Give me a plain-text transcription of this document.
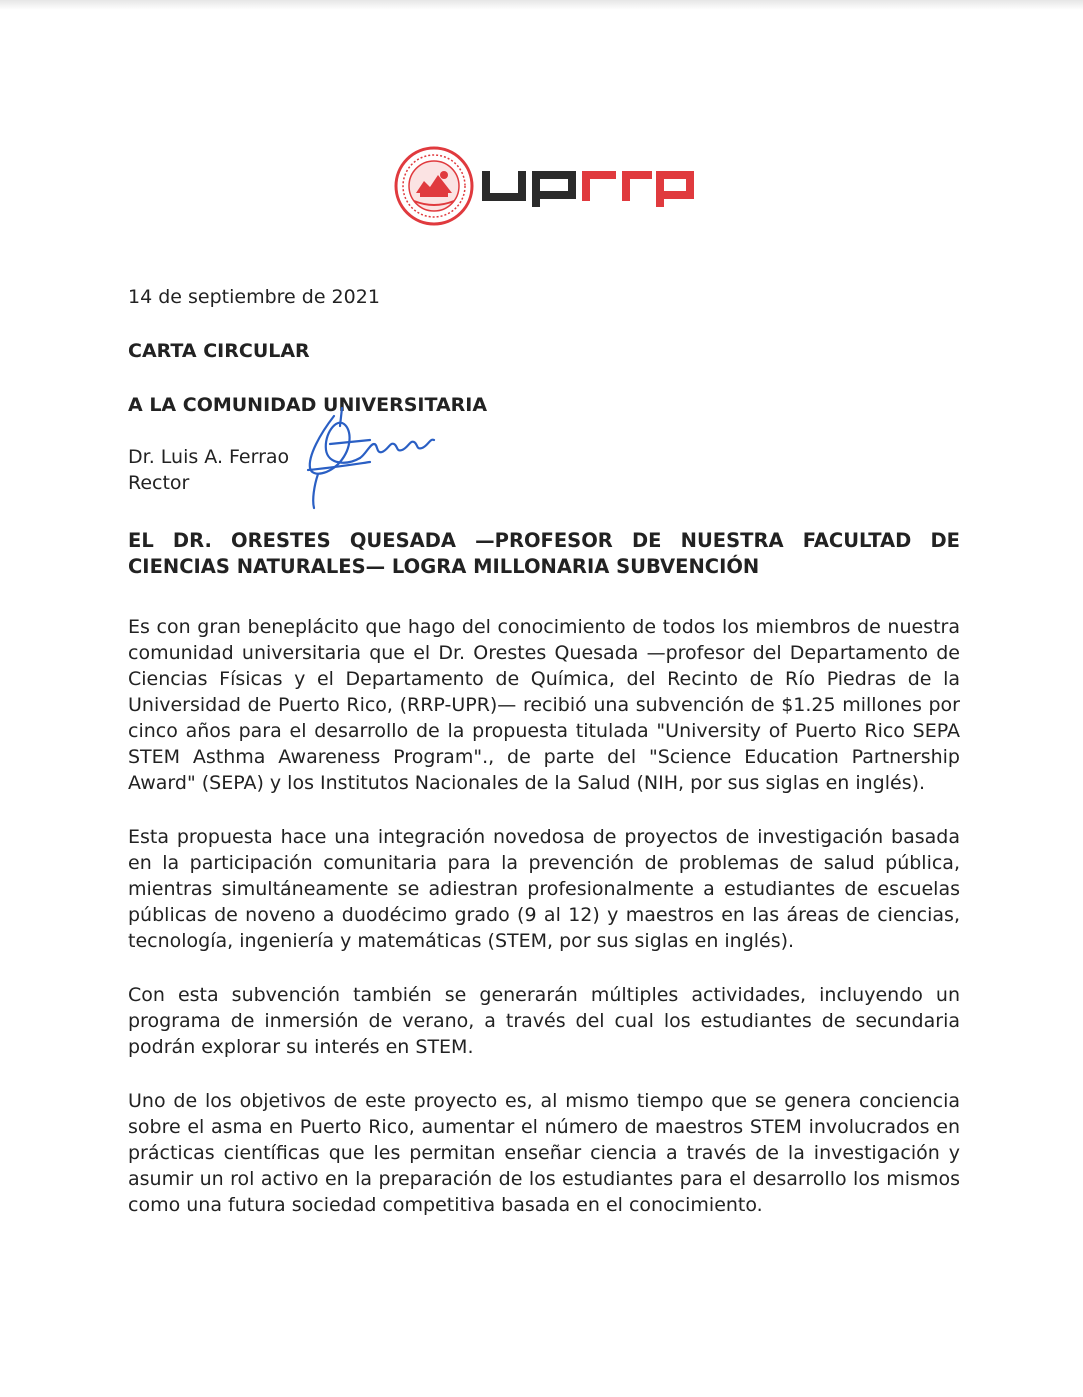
14 de septiembre de 2021

CARTA CIRCULAR

A LA COMUNIDAD UNIVERSITARIA

Dr. Luis A. Ferrao
Rector

EL DR. ORESTES QUESADA —PROFESOR DE NUESTRA FACULTAD DE CIENCIAS NATURALES— LOGRA MILLONARIA SUBVENCIÓN

Es con gran beneplácito que hago del conocimiento de todos los miembros de nuestra comunidad universitaria que el Dr. Orestes Quesada —profesor del Departamento de Ciencias Físicas y el Departamento de Química, del Recinto de Río Piedras de la Universidad de Puerto Rico, (RRP-UPR)— recibió una subvención de $1.25 millones por cinco años para el desarrollo de la propuesta titulada "University of Puerto Rico SEPA STEM Asthma Awareness Program"., de parte del "Science Education Partnership Award" (SEPA) y los Institutos Nacionales de la Salud (NIH, por sus siglas en inglés).

Esta propuesta hace una integración novedosa de proyectos de investigación basada en la participación comunitaria para la prevención de problemas de salud pública, mientras simultáneamente se adiestran profesionalmente a estudiantes de escuelas públicas de noveno a duodécimo grado (9 al 12) y maestros en las áreas de ciencias, tecnología, ingeniería y matemáticas (STEM, por sus siglas en inglés).

Con esta subvención también se generarán múltiples actividades, incluyendo un programa de inmersión de verano, a través del cual los estudiantes de secundaria podrán explorar su interés en STEM.

Uno de los objetivos de este proyecto es, al mismo tiempo que se genera conciencia sobre el asma en Puerto Rico, aumentar el número de maestros STEM involucrados en prácticas científicas que les permitan enseñar ciencia a través de la investigación y asumir un rol activo en la preparación de los estudiantes para el desarrollo los mismos como una futura sociedad competitiva basada en el conocimiento.
